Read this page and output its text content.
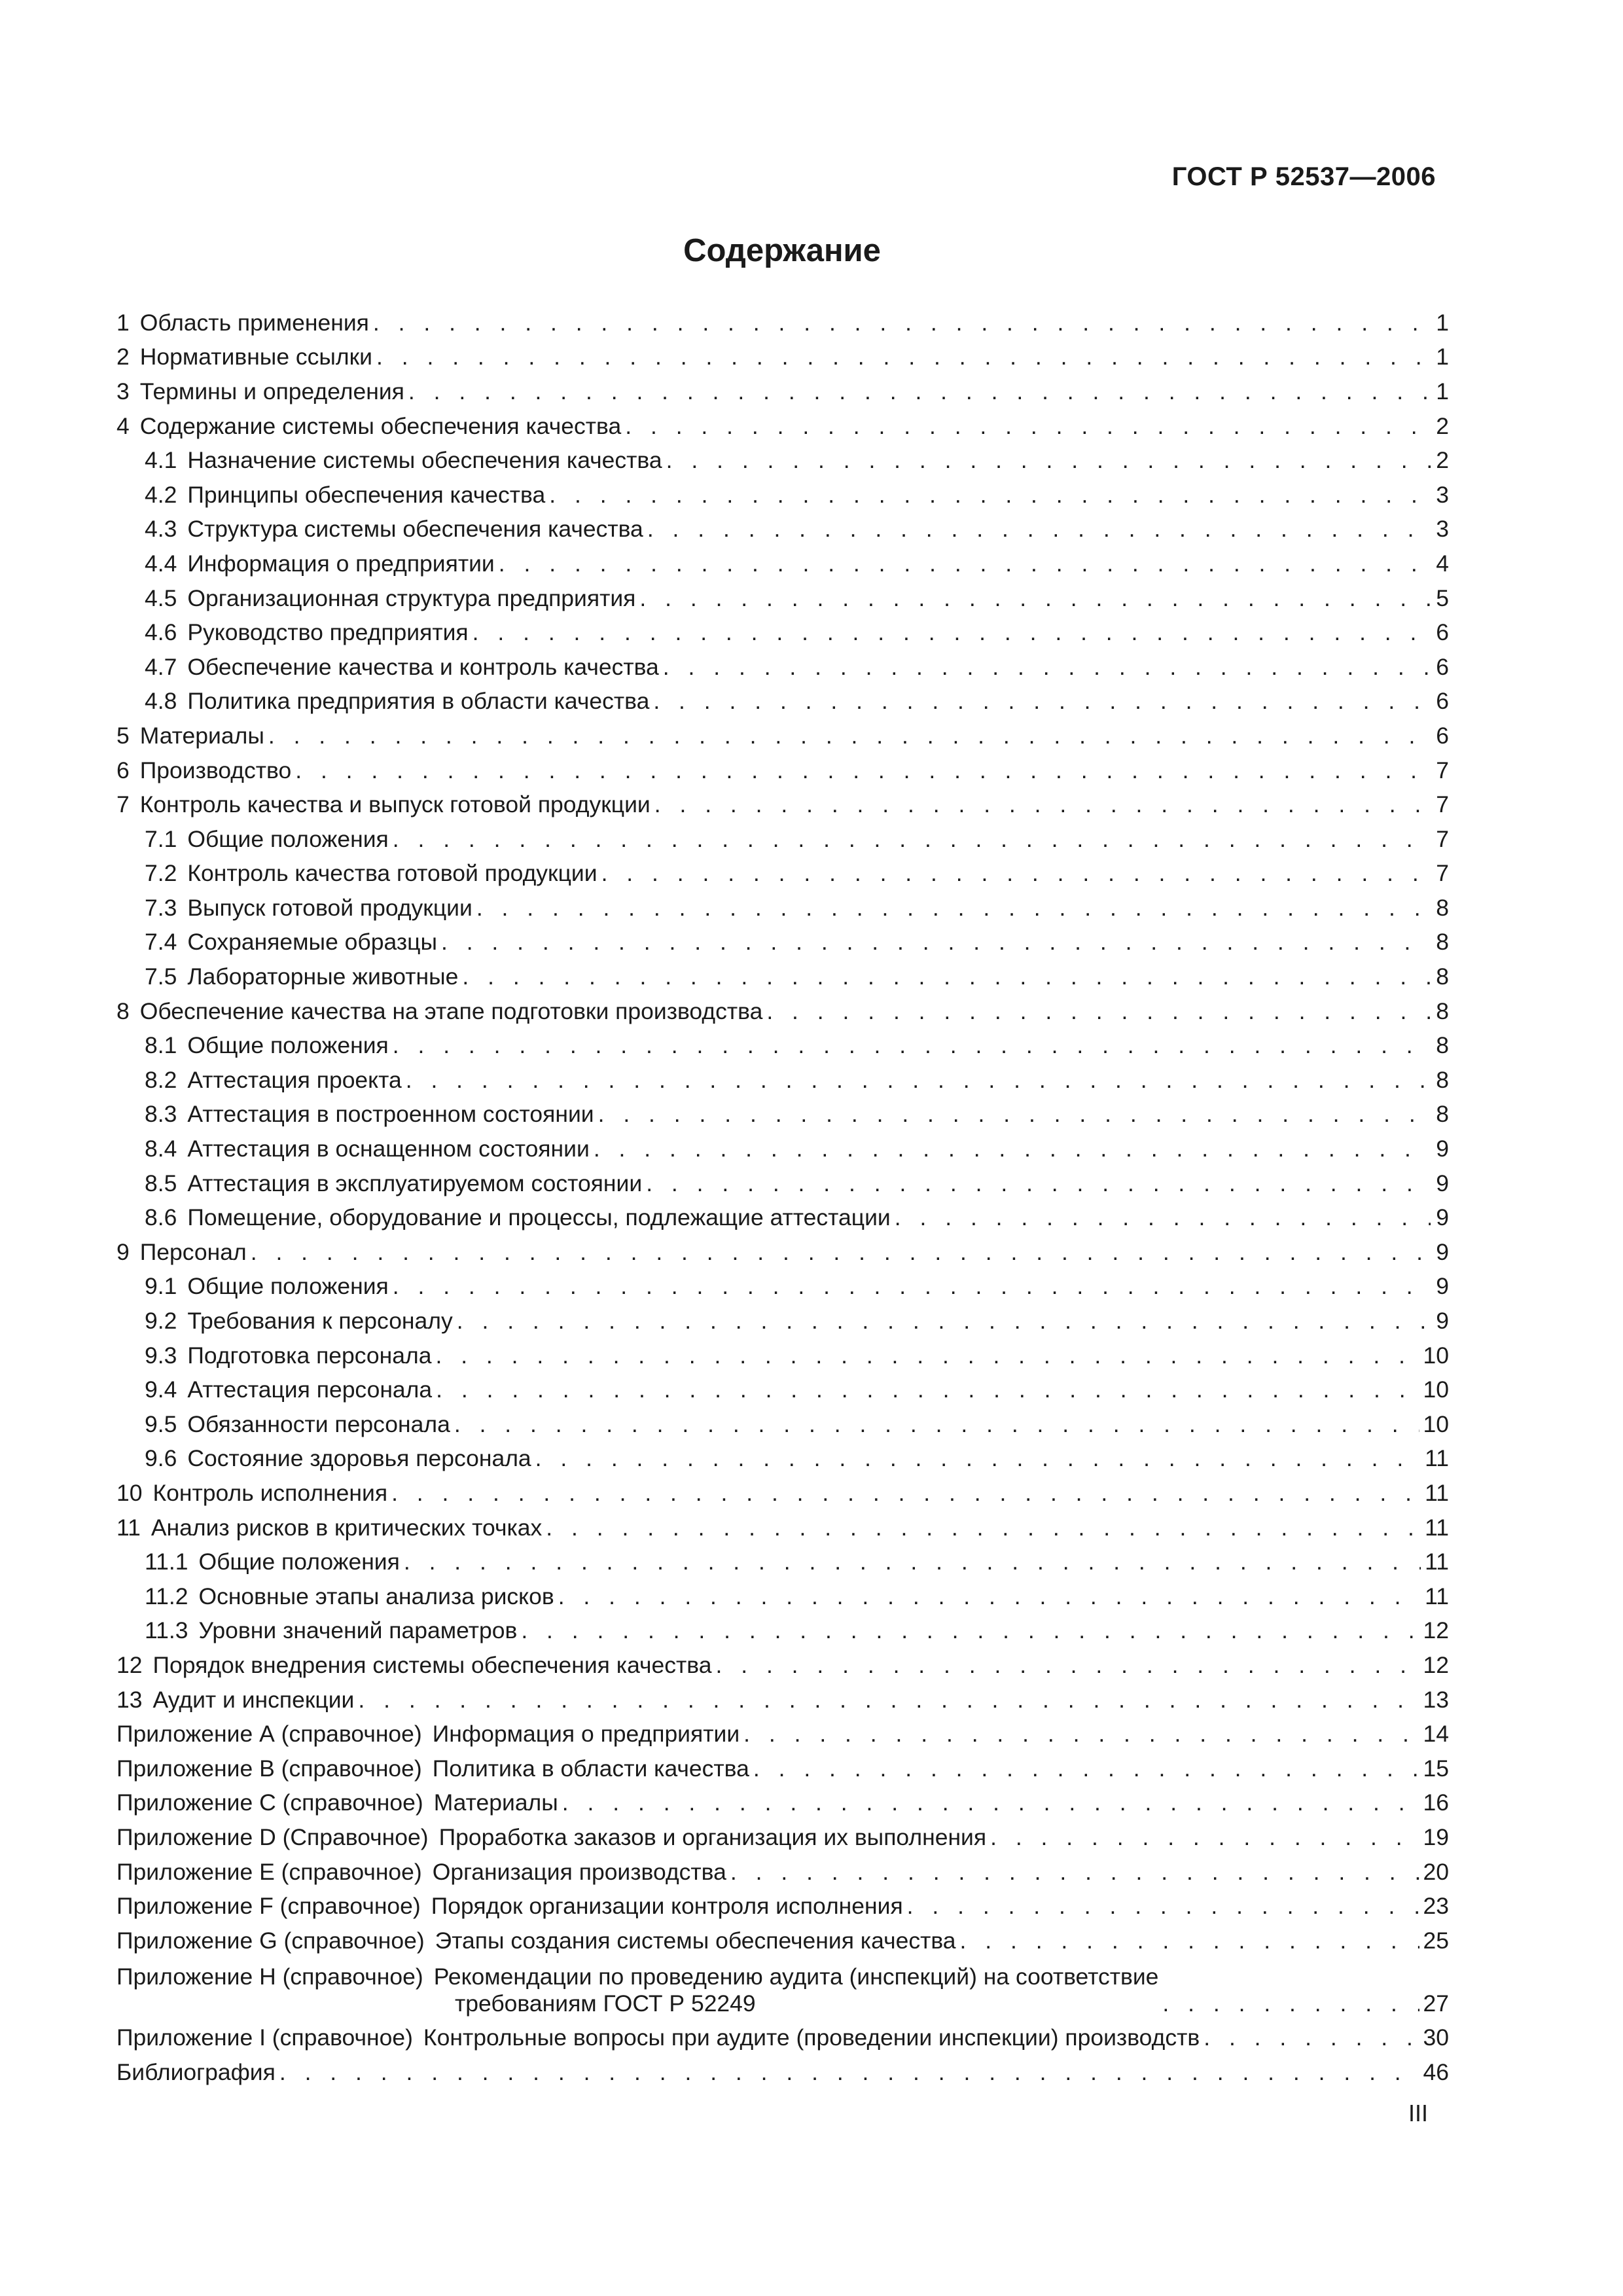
ГОСТ Р 52537—2006
Содержание
1 Область применения . . .	1
2 Нормативные ссылки . . .	1
3 Термины и определения . . .	1
4 Содержание системы обеспечения качества . . .	2
4.1 Назначение системы обеспечения качества . . .	2
4.2 Принципы обеспечения качества . . .	3
4.3 Структура системы обеспечения качества . . .	3
4.4 Информация о предприятии . . .	4
4.5 Организационная структура предприятия . . .	5
4.6 Руководство предприятия . . .	6
4.7 Обеспечение качества и контроль качества . . .	6
4.8 Политика предприятия в области качества . . .	6
5 Материалы . . .	6
6 Производство . . .	7
7 Контроль качества и выпуск готовой продукции . . .	7
7.1 Общие положения . . .	7
7.2 Контроль качества готовой продукции . . .	7
7.3 Выпуск готовой продукции . . .	8
7.4 Сохраняемые образцы . . .	8
7.5 Лабораторные животные . . .	8
8 Обеспечение качества на этапе подготовки производства . . .	8
8.1 Общие положения . . .	8
8.2 Аттестация проекта . . .	8
8.3 Аттестация в построенном состоянии . . .	8
8.4 Аттестация в оснащенном состоянии . . .	9
8.5 Аттестация в эксплуатируемом состоянии . . .	9
8.6 Помещение, оборудование и процессы, подлежащие аттестации . . .	9
9 Персонал . . .	9
9.1 Общие положения . . .	9
9.2 Требования к персоналу . . .	9
9.3 Подготовка персонала . . .	10
9.4 Аттестация персонала . . .	10
9.5 Обязанности персонала . . .	10
9.6 Состояние здоровья персонала . . .	11
10 Контроль исполнения . . .	11
11 Анализ рисков в критических точках . . .	11
11.1 Общие положения . . .	11
11.2 Основные этапы анализа рисков . . .	11
11.3 Уровни значений параметров . . .	12
12 Порядок внедрения системы обеспечения качества . . .	12
13 Аудит и инспекции . . .	13
Приложение А (справочное) Информация о предприятии . . .	14
Приложение В (справочное) Политика в области качества . . .	15
Приложение С (справочное) Материалы . . .	16
Приложение D (Справочное) Проработка заказов и организация их выполнения . . .	19
Приложение Е (справочное) Организация производства . . .	20
Приложение F (справочное) Порядок организации контроля исполнения . . .	23
Приложение G (справочное) Этапы создания системы обеспечения качества . . .	25
Приложение Н (справочное) Рекомендации по проведению аудита (инспекций) на соответствие
требованиям ГОСТ Р 52249 . . .	27
Приложение I (справочное) Контрольные вопросы при аудите (проведении инспекции) производств . . .	30
Библиография . . .	46
III
